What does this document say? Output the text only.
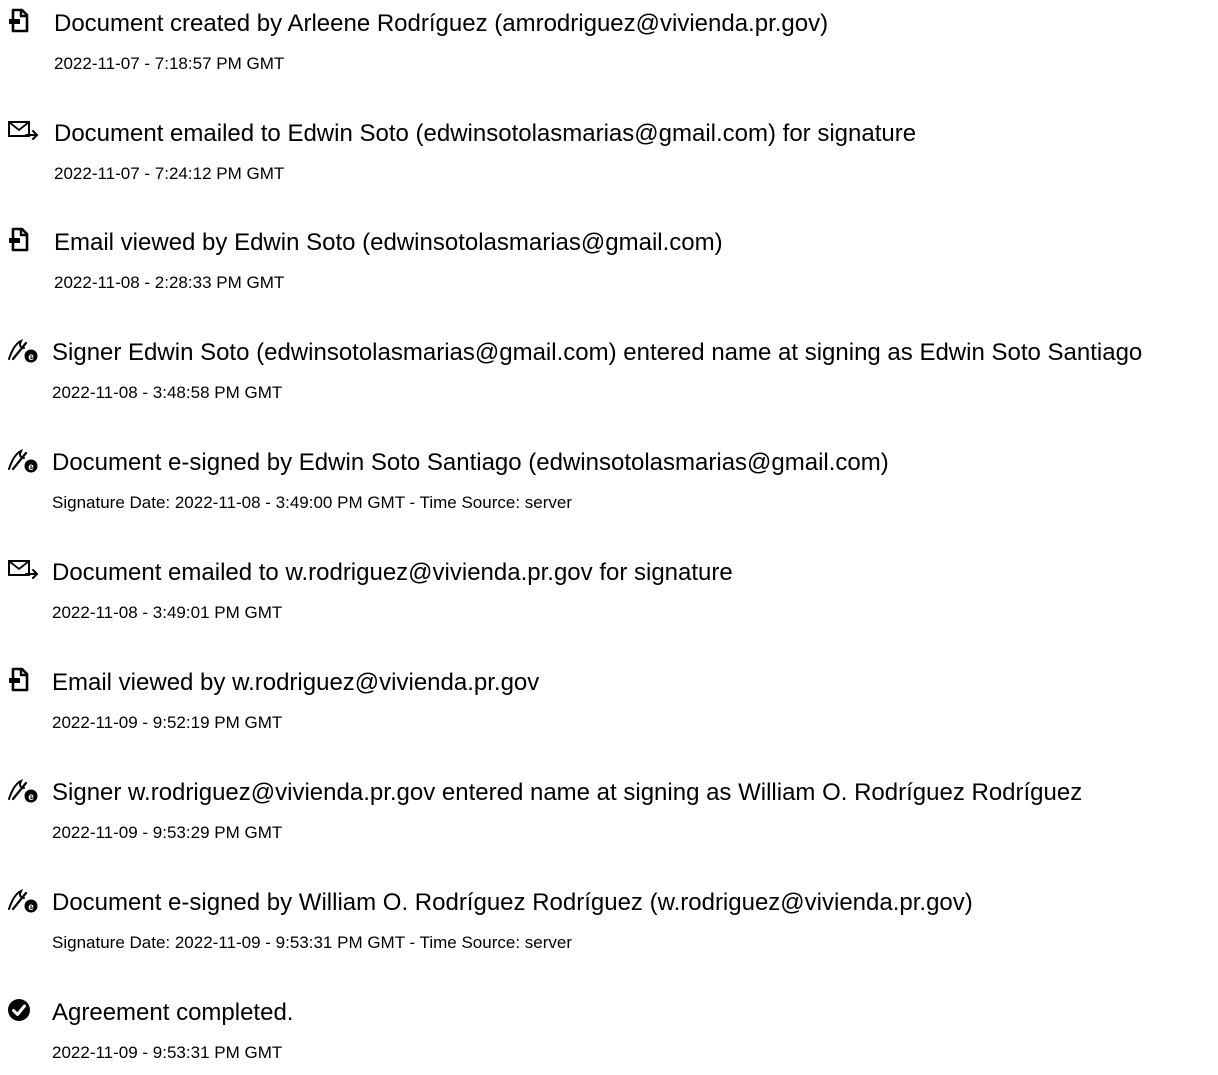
Document created by Arleene Rodríguez (amrodriguez@vivienda.pr.gov)
2022-11-07 - 7:18:57 PM GMT
Document emailed to Edwin Soto (edwinsotolasmarias@gmail.com) for signature
2022-11-07 - 7:24:12 PM GMT
Email viewed by Edwin Soto (edwinsotolasmarias@gmail.com)
2022-11-08 - 2:28:33 PM GMT
e Signer Edwin Soto (edwinsotolasmarias@gmail.com) entered name at signing as Edwin Soto Santiago
2022-11-08 - 3:48:58 PM GMT
e Document e-signed by Edwin Soto Santiago (edwinsotolasmarias@gmail.com)
Signature Date: 2022-11-08 - 3:49:00 PM GMT - Time Source: server
Document emailed to w.rodriguez@vivienda.pr.gov for signature
2022-11-08 - 3:49:01 PM GMT
Email viewed by w.rodriguez@vivienda.pr.gov
2022-11-09 - 9:52:19 PM GMT
e Signer w.rodriguez@vivienda.pr.gov entered name at signing as William O. Rodríguez Rodríguez
2022-11-09 - 9:53:29 PM GMT
e Document e-signed by William O. Rodríguez Rodríguez (w.rodriguez@vivienda.pr.gov)
Signature Date: 2022-11-09 - 9:53:31 PM GMT - Time Source: server
Agreement completed.
2022-11-09 - 9:53:31 PM GMT
